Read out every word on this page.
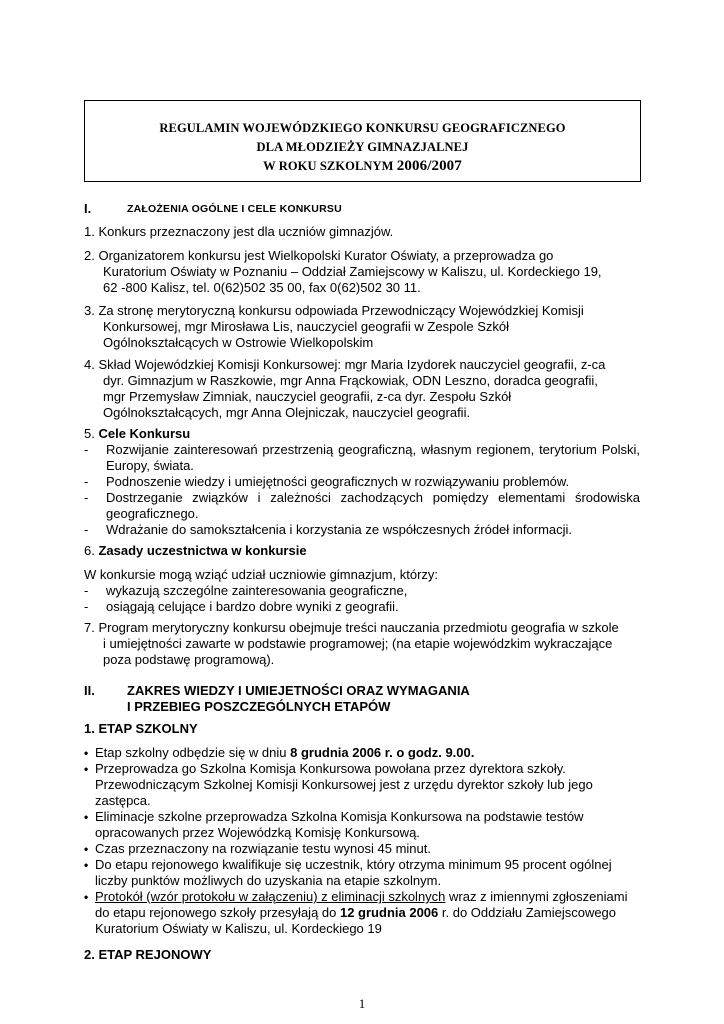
REGULAMIN WOJEWÓDZKIEGO KONKURSU GEOGRAFICZNEGO
DLA MŁODZIEŻY GIMNAZJALNEJ
W ROKU SZKOLNYM 2006/2007
I.	ZAŁOŻENIA OGÓLNE I CELE KONKURSU

1. Konkurs przeznaczony jest dla uczniów gimnazjów.

2. Organizatorem konkursu jest Wielkopolski Kurator Oświaty, a przeprowadza go

Kuratorium Oświaty w Poznaniu – Oddział Zamiejscowy w Kaliszu, ul. Kordeckiego 19,

62 -800 Kalisz, tel. 0(62)502 35 00, fax 0(62)502 30 11.

3. Za stronę merytoryczną konkursu odpowiada Przewodniczący Wojewódzkiej Komisji

Konkursowej, mgr Mirosława Lis, nauczyciel geografii w Zespole Szkół

Ogólnokształcących w Ostrowie Wielkopolskim

4. Skład Wojewódzkiej Komisji Konkursowej: mgr Maria Izydorek nauczyciel geografii, z-ca

dyr. Gimnazjum w Raszkowie, mgr Anna Frąckowiak, ODN Leszno, doradca geografii,

mgr Przemysław Zimniak, nauczyciel geografii, z-ca dyr. Zespołu Szkół

Ogólnokształcących, mgr Anna Olejniczak, nauczyciel geografii.

5. Cele Konkursu

-	Rozwijanie zainteresowań przestrzenią geograficzną, własnym regionem, terytorium Polski, Europy, świata.
-	Podnoszenie wiedzy i umiejętności geograficznych w rozwiązywaniu problemów.
-	Dostrzeganie związków i zależności zachodzących pomiędzy elementami środowiska geograficznego.
-	Wdrażanie do samokształcenia i korzystania ze współczesnych źródeł informacji.

6. Zasady uczestnictwa w konkursie

W konkursie mogą wziąć udział uczniowie gimnazjum, którzy:

-	wykazują szczególne zainteresowania geograficzne,
-	osiągają celujące i bardzo dobre wyniki z geografii.

7. Program merytoryczny konkursu obejmuje treści nauczania przedmiotu geografia w szkole

i umiejętności zawarte w podstawie programowej; (na etapie wojewódzkim wykraczające

poza podstawę programową).

II.	ZAKRES WIEDZY I UMIEJETNOŚCI ORAZ WYMAGANIA
I PRZEBIEG POSZCZEGÓLNYCH ETAPÓW

1. ETAP SZKOLNY

• Etap szkolny odbędzie się w dniu 8 grudnia 2006 r. o godz. 9.00.
• Przeprowadza go Szkolna Komisja Konkursowa powołana przez dyrektora szkoły. Przewodniczącym Szkolnej Komisji Konkursowej jest z urzędu dyrektor szkoły lub jego zastępca.
• Eliminacje szkolne przeprowadza Szkolna Komisja Konkursowa na podstawie testów opracowanych przez Wojewódzką Komisję Konkursową.
• Czas przeznaczony na rozwiązanie testu wynosi 45 minut.
• Do etapu rejonowego kwalifikuje się uczestnik, który otrzyma minimum 95 procent ogólnej liczby punktów możliwych do uzyskania na etapie szkolnym.
• Protokół (wzór protokołu w załączeniu) z eliminacji szkolnych wraz z imiennymi zgłoszeniami do etapu rejonowego szkoły przesyłają do 12 grudnia 2006 r. do Oddziału Zamiejscowego Kuratorium Oświaty w Kaliszu, ul. Kordeckiego 19

2. ETAP REJONOWY

1
